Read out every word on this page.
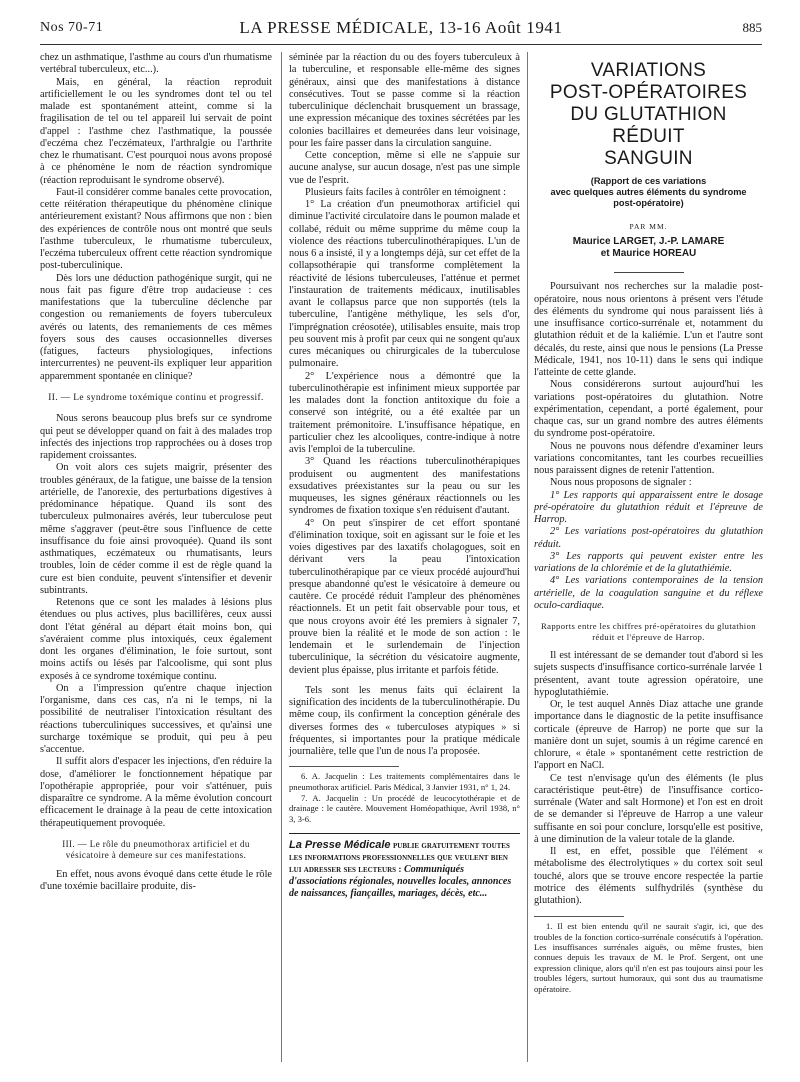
Nos 70-71	LA PRESSE MÉDICALE, 13-16 Août 1941	885

chez un asthmatique, l'asthme au cours d'un rhumatisme vertébral tuberculeux, etc...).

Mais, en général, la réaction reproduit artificiellement le ou les syndromes dont tel ou tel malade est spontanément atteint, comme si la fragilisation de tel ou tel appareil lui servait de point d'appel : l'asthme chez l'asthmatique, la poussée d'eczéma chez l'eczémateux, l'arthralgie ou l'arthrite chez le rhumatisant. C'est pourquoi nous avons proposé à ce phénomène le nom de réaction syndromique (réaction reproduisant le syndrome observé).

Faut-il considérer comme banales cette provocation, cette réitération thérapeutique du phénomène clinique antérieurement existant? Nous affirmons que non : bien des expériences de contrôle nous ont montré que seuls l'asthme tuberculeux, le rhumatisme tuberculeux, l'eczéma tuberculeux offrent cette réaction syndromique post-tuberculinique.

Dès lors une déduction pathogénique surgit, qui ne nous fait pas figure d'être trop audacieuse : ces manifestations que la tuberculine déclenche par congestion ou remaniements de foyers tuberculeux avérés ou latents, des remaniements de ces mêmes foyers sous des causes occasionnelles diverses (fatigues, facteurs physiologiques, infections intercurrentes) ne peuvent-ils expliquer leur apparition apparemment spontanée en clinique?

II. — Le syndrome toxémique continu et progressif.

Nous serons beaucoup plus brefs sur ce syndrome qui peut se développer quand on fait à des malades trop infectés des injections trop rapprochées ou à doses trop rapidement croissantes.

On voit alors ces sujets maigrir, présenter des troubles généraux, de la fatigue, une baisse de la tension artérielle, de l'anorexie, des perturbations digestives à prédominance hépatique. Quand ils sont des tuberculeux pulmonaires avérés, leur tuberculose peut même s'aggraver (peut-être sous l'influence de cette insuffisance du foie ainsi provoquée). Quand ils sont asthmatiques, eczémateux ou rhumatisants, leurs troubles, loin de céder comme il est de règle quand la cure est bien conduite, peuvent s'intensifier et devenir subintrants.

Retenons que ce sont les malades à lésions plus étendues ou plus actives, plus bacillifères, ceux aussi dont l'état général au départ était moins bon, qui s'avéraient comme plus intoxiqués, ceux également dont les organes d'élimination, le foie surtout, sont moins actifs ou lésés par l'alcoolisme, qui sont plus exposés à ce syndrome toxémique continu.

On a l'impression qu'entre chaque injection l'organisme, dans ces cas, n'a ni le temps, ni la possibilité de neutraliser l'intoxication résultant des réactions tuberculiniques successives, et qu'ainsi une surcharge toxémique se produit, qui peu à peu s'accentue.

Il suffit alors d'espacer les injections, d'en réduire la dose, d'améliorer le fonctionnement hépatique par l'opothérapie appropriée, pour voir s'atténuer, puis disparaître ce syndrome. A la même évolution concourt efficacement le drainage à la peau de cette intoxication thérapeutiquement provoquée.

III. — Le rôle du pneumothorax artificiel et du
vésicatoire à demeure sur ces manifestations.

En effet, nous avons évoqué dans cette étude le rôle d'une toxémie bacillaire produite, dis-

séminée par la réaction du ou des foyers tuberculeux à la tuberculine, et responsable elle-même des signes généraux, ainsi que des manifestations à distance consécutives. Tout se passe comme si la réaction tuberculinique déclenchait brusquement un brassage, une expression mécanique des toxines sécrétées par les colonies bacillaires et demeurées dans leur voisinage, pour les faire passer dans la circulation sanguine.

Cette conception, même si elle ne s'appuie sur aucune analyse, sur aucun dosage, n'est pas une simple vue de l'esprit.

Plusieurs faits faciles à contrôler en témoignent :

1° La création d'un pneumothorax artificiel qui diminue l'activité circulatoire dans le poumon malade et collabé, réduit ou même supprime du même coup la violence des réactions tuberculinothérapiques. L'un de nous 6 a insisté, il y a longtemps déjà, sur cet effet de la collapsothérapie qui transforme complètement la réactivité de lésions tuberculeuses, l'atténue et permet l'instauration de traitements médicaux, inutilisables avant le collapsus parce que non supportés (tels la tuberculine, l'antigène méthylique, les sels d'or, l'imprégnation créosotée), utilisables ensuite, mais trop peu souvent mis à profit par ceux qui ne songent qu'aux cures mécaniques ou chirurgicales de la tuberculose pulmonaire.

2° L'expérience nous a démontré que la tuberculinothérapie est infiniment mieux supportée par les malades dont la fonction antitoxique du foie a conservé son intégrité, ou a été exaltée par un traitement prémonitoire. L'insuffisance hépatique, en particulier chez les alcooliques, contre-indique à notre avis l'emploi de la tuberculine.

3° Quand les réactions tuberculinothérapiques produisent ou augmentent des manifestations exsudatives préexistantes sur la peau ou sur les muqueuses, les signes généraux réactionnels ou les syndromes de fixation toxique s'en réduisent d'autant.

4° On peut s'inspirer de cet effort spontané d'élimination toxique, soit en agissant sur le foie et les voies digestives par des laxatifs cholagogues, soit en dérivant vers la peau l'intoxication tuberculinothérapique par ce vieux procédé aujourd'hui presque abandonné qu'est le vésicatoire à demeure ou cautère. Ce procédé réduit l'ampleur des phénomènes réactionnels. Et un petit fait observable pour tous, et que nous croyons avoir été les premiers à signaler 7, prouve bien la réalité et le mode de son action : le lendemain et le surlendemain de l'injection tuberculinique, la sécrétion du vésicatoire augmente, devient plus épaisse, plus irritante et parfois fétide.

Tels sont les menus faits qui éclairent la signification des incidents de la tuberculinothérapie. Du même coup, ils confirment la conception générale des diverses formes des « tuberculoses atypiques » si fréquentes, si importantes pour la pratique médicale journalière, telle que l'un de nous l'a proposée.

6. A. Jacquelin : Les traitements complémentaires dans le pneumothorax artificiel. Paris Médical, 3 Janvier 1931, n° 1, 24.

7. A. Jacquelin : Un procédé de leucocytothérapie et de drainage : le cautère. Mouvement Homéopathique, Avril 1938, n° 3, 3-6.

La Presse Médicale publie gratuitement toutes les informations professionnelles que veulent bien lui adresser ses lecteurs : Communiqués d'associations régionales, nouvelles locales, annonces de naissances, fiançailles, mariages, décès, etc...
VARIATIONS
POST-OPÉRATOIRES
DU GLUTATHION RÉDUIT
SANGUIN
(Rapport de ces variations
avec quelques autres éléments du syndrome
post-opératoire)
PAR MM.
Maurice LARGET, J.-P. LAMARE
et Maurice HOREAU

Poursuivant nos recherches sur la maladie post-opératoire, nous nous orientons à présent vers l'étude des éléments du syndrome qui nous paraissent liés à une insuffisance cortico-surrénale et, notamment du glutathion réduit et de la kaliémie. L'un et l'autre sont décalés, du reste, ainsi que nous le pensions (La Presse Médicale, 1941, nos 10-11) dans le sens qui indique l'atteinte de cette glande.

Nous considérerons surtout aujourd'hui les variations post-opératoires du glutathion. Notre expérimentation, cependant, a porté également, pour chaque cas, sur un grand nombre des autres éléments du syndrome post-opératoire.

Nous ne pouvons nous défendre d'examiner leurs variations concomitantes, tant les courbes recueillies nous paraissent dignes de retenir l'attention.

Nous nous proposons de signaler :

1° Les rapports qui apparaissent entre le dosage pré-opératoire du glutathion réduit et l'épreuve de Harrop.

2° Les variations post-opératoires du glutathion réduit.

3° Les rapports qui peuvent exister entre les variations de la chlorémie et de la glutathiémie.

4° Les variations contemporaines de la tension artérielle, de la coagulation sanguine et du réflexe oculo-cardiaque.

Rapports entre les chiffres pré-opératoires du glutathion réduit et l'épreuve de Harrop.

Il est intéressant de se demander tout d'abord si les sujets suspects d'insuffisance cortico-surrénale larvée 1 présentent, avant toute agression opératoire, une hypoglutathiémie.

Or, le test auquel Annès Diaz attache une grande importance dans le diagnostic de la petite insuffisance corticale (épreuve de Harrop) ne porte que sur la manière dont un sujet, soumis à un régime carencé en chlorure, « étale » spontanément cette restriction de l'apport en NaCl.

Ce test n'envisage qu'un des éléments (le plus caractéristique peut-être) de l'insuffisance cortico-surrénale (Water and salt Hormone) et l'on est en droit de se demander si l'épreuve de Harrop a une valeur suffisante en soi pour conclure, lorsqu'elle est positive, à une diminution de la valeur totale de la glande.

Il est, en effet, possible que l'élément « métabolisme des électrolytiques » du cortex soit seul touché, alors que se trouve encore respectée la partie motrice des éléments sulfhydrilés (synthèse du glutathion).

1. Il est bien entendu qu'il ne saurait s'agir, ici, que des troubles de la fonction cortico-surrénale consécutifs à l'opération. Les insuffisances surrénales aiguës, ou même frustes, bien connues depuis les travaux de M. le Prof. Sergent, ont une expression clinique, alors qu'il n'en est pas toujours ainsi pour les troubles légers, surtout humoraux, qui sont dus au traumatisme opératoire.
